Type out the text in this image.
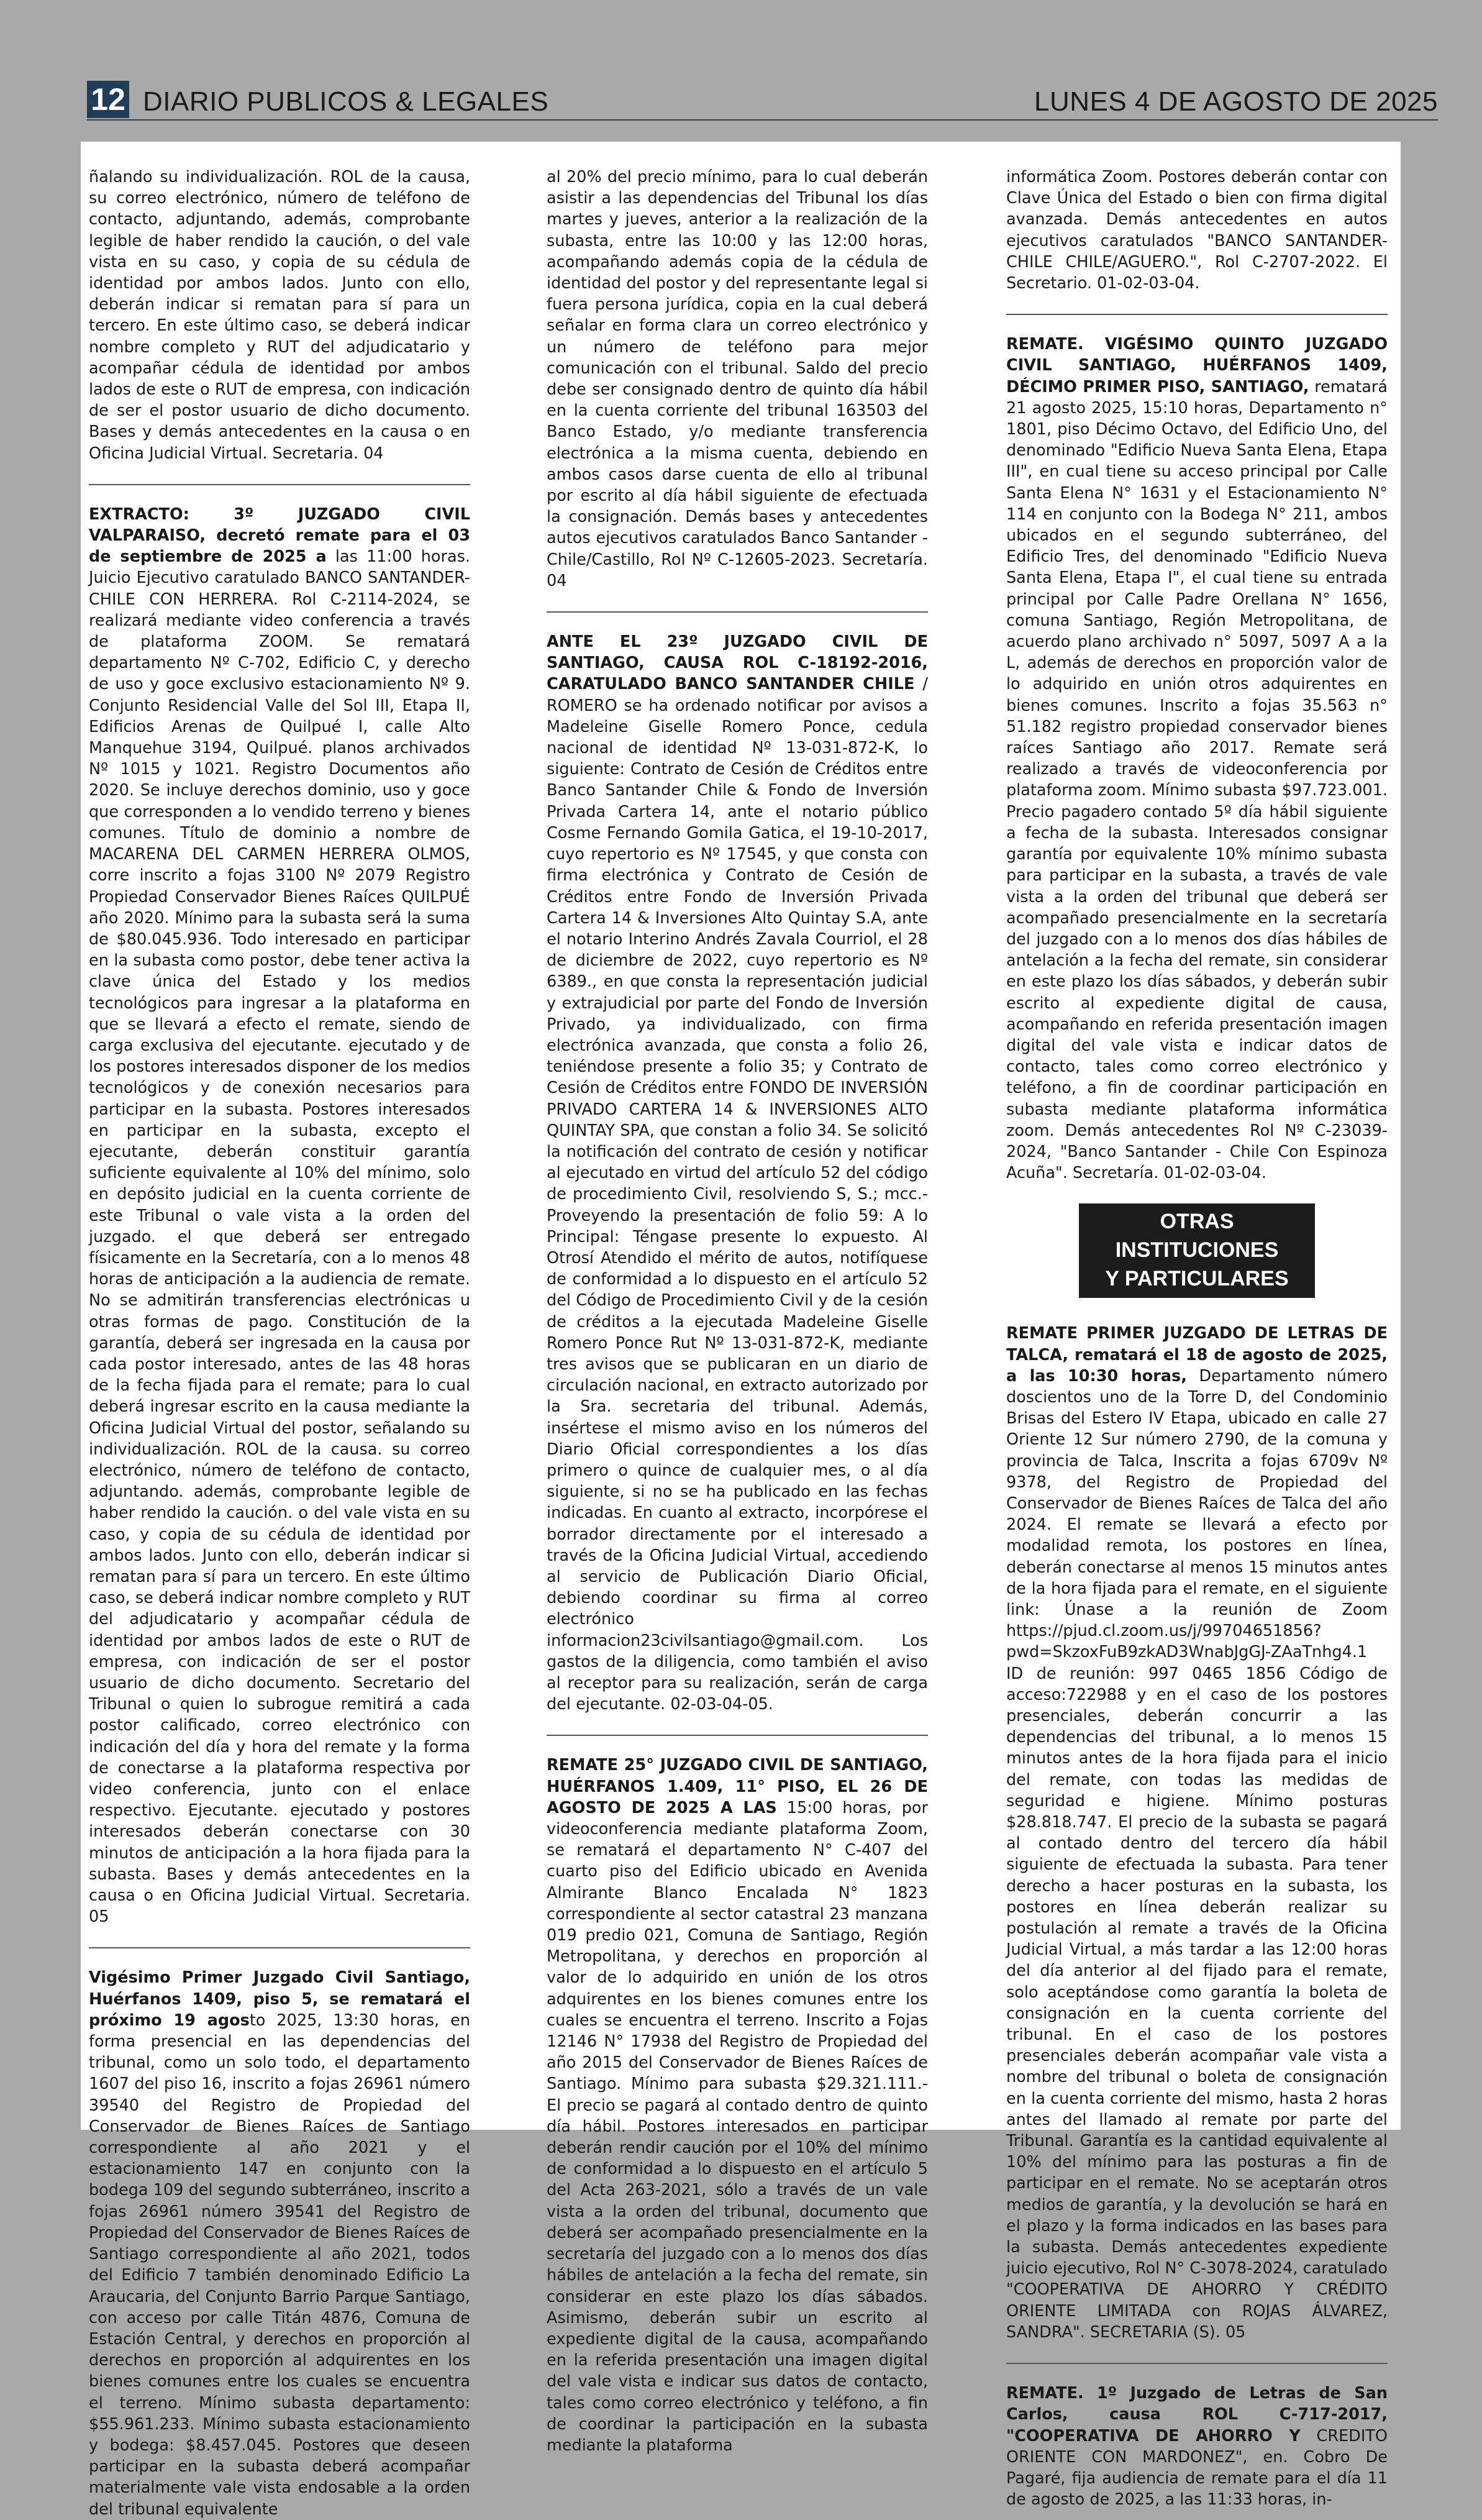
12 DIARIO PUBLICOS & LEGALES	LUNES 4 DE AGOSTO DE 2025

ñalando su individualización. ROL de la causa, su correo electrónico, número de teléfono de contacto, adjuntando, además, comprobante legible de haber rendido la caución, o del vale vista en su caso, y copia de su cédula de identidad por ambos lados. Junto con ello, deberán indicar si rematan para sí para un tercero. En este último caso, se deberá indicar nombre completo y RUT del adjudicatario y acompañar cédula de identidad por ambos lados de este o RUT de empresa, con indicación de ser el postor usuario de dicho documento. Bases y demás antecedentes en la causa o en Oficina Judicial Virtual. Secretaria. 04

EXTRACTO: 3º JUZGADO CIVIL VALPARAISO, decretó remate para el 03 de septiembre de 2025 a las 11:00 horas. Juicio Ejecutivo caratulado BANCO SANTANDER-CHILE CON HERRERA. Rol C-2114-2024, se realizará mediante video conferencia a través de plataforma ZOOM. Se rematará departamento Nº C-702, Edificio C, y derecho de uso y goce exclusivo estacionamiento Nº 9. Conjunto Residencial Valle del Sol III, Etapa II, Edificios Arenas de Quilpué I, calle Alto Manquehue 3194, Quilpué. planos archivados Nº 1015 y 1021. Registro Documentos año 2020. Se incluye derechos dominio, uso y goce que corresponden a lo vendido terreno y bienes comunes. Título de dominio a nombre de MACARENA DEL CARMEN HERRERA OLMOS, corre inscrito a fojas 3100 Nº 2079 Registro Propiedad Conservador Bienes Raíces QUILPUÉ año 2020. Mínimo para la subasta será la suma de $80.045.936. Todo interesado en participar en la subasta como postor, debe tener activa la clave única del Estado y los medios tecnológicos para ingresar a la plataforma en que se llevará a efecto el remate, siendo de carga exclusiva del ejecutante. ejecutado y de los postores interesados disponer de los medios tecnológicos y de conexión necesarios para participar en la subasta. Postores interesados en participar en la subasta, excepto el ejecutante, deberán constituir garantía suficiente equivalente al 10% del mínimo, solo en depósito judicial en la cuenta corriente de este Tribunal o vale vista a la orden del juzgado. el que deberá ser entregado físicamente en la Secretaría, con a lo menos 48 horas de anticipación a la audiencia de remate. No se admitirán transferencias electrónicas u otras formas de pago. Constitución de la garantía, deberá ser ingresada en la causa por cada postor interesado, antes de las 48 horas de la fecha fijada para el remate; para lo cual deberá ingresar escrito en la causa mediante la Oficina Judicial Virtual del postor, señalando su individualización. ROL de la causa. su correo electrónico, número de teléfono de contacto, adjuntando. además, comprobante legible de haber rendido la caución. o del vale vista en su caso, y copia de su cédula de identidad por ambos lados. Junto con ello, deberán indicar si rematan para sí para un tercero. En este último caso, se deberá indicar nombre completo y RUT del adjudicatario y acompañar cédula de identidad por ambos lados de este o RUT de empresa, con indicación de ser el postor usuario de dicho documento. Secretario del Tribunal o quien lo subrogue remitirá a cada postor calificado, correo electrónico con indicación del día y hora del remate y la forma de conectarse a la plataforma respectiva por video conferencia, junto con el enlace respectivo. Ejecutante. ejecutado y postores interesados deberán conectarse con 30 minutos de anticipación a la hora fijada para la subasta. Bases y demás antecedentes en la causa o en Oficina Judicial Virtual. Secretaria. 05

Vigésimo Primer Juzgado Civil Santiago, Huérfanos 1409, piso 5, se rematará el próximo 19 agosto 2025, 13:30 horas, en forma presencial en las dependencias del tribunal, como un solo todo, el departamento 1607 del piso 16, inscrito a fojas 26961 número 39540 del Registro de Propiedad del Conservador de Bienes Raíces de Santiago correspondiente al año 2021 y el estacionamiento 147 en conjunto con la bodega 109 del segundo subterráneo, inscrito a fojas 26961 número 39541 del Registro de Propiedad del Conservador de Bienes Raíces de Santiago correspondiente al año 2021, todos del Edificio 7 también denominado Edificio La Araucaria, del Conjunto Barrio Parque Santiago, con acceso por calle Titán 4876, Comuna de Estación Central, y derechos en proporción al derechos en proporción al adquirentes en los bienes comunes entre los cuales se encuentra el terreno. Mínimo subasta departamento: $55.961.233. Mínimo subasta estacionamiento y bodega: $8.457.045. Postores que deseen participar en la subasta deberá acompañar materialmente vale vista endosable a la orden del tribunal equivalente

al 20% del precio mínimo, para lo cual deberán asistir a las dependencias del Tribunal los días martes y jueves, anterior a la realización de la subasta, entre las 10:00 y las 12:00 horas, acompañando además copia de la cédula de identidad del postor y del representante legal si fuera persona jurídica, copia en la cual deberá señalar en forma clara un correo electrónico y un número de teléfono para mejor comunicación con el tribunal. Saldo del precio debe ser consignado dentro de quinto día hábil en la cuenta corriente del tribunal 163503 del Banco Estado, y/o mediante transferencia electrónica a la misma cuenta, debiendo en ambos casos darse cuenta de ello al tribunal por escrito al día hábil siguiente de efectuada la consignación. Demás bases y antecedentes autos ejecutivos caratulados Banco Santander -Chile/Castillo, Rol Nº C-12605-2023. Secretaría. 04

ANTE EL 23º JUZGADO CIVIL DE SANTIAGO, CAUSA ROL C-18192-2016, CARATULADO BANCO SANTANDER CHILE / ROMERO se ha ordenado notificar por avisos a Madeleine Giselle Romero Ponce, cedula nacional de identidad Nº 13-031-872-K, lo siguiente: Contrato de Cesión de Créditos entre Banco Santander Chile & Fondo de Inversión Privada Cartera 14, ante el notario público Cosme Fernando Gomila Gatica, el 19-10-2017, cuyo repertorio es Nº 17545, y que consta con firma electrónica y Contrato de Cesión de Créditos entre Fondo de Inversión Privada Cartera 14 & Inversiones Alto Quintay S.A, ante el notario Interino Andrés Zavala Courriol, el 28 de diciembre de 2022, cuyo repertorio es Nº 6389., en que consta la representación judicial y extrajudicial por parte del Fondo de Inversión Privado, ya individualizado, con firma electrónica avanzada, que consta a folio 26, teniéndose presente a folio 35; y Contrato de Cesión de Créditos entre FONDO DE INVERSIÓN PRIVADO CARTERA 14 & INVERSIONES ALTO QUINTAY SPA, que constan a folio 34. Se solicitó la notificación del contrato de cesión y notificar al ejecutado en virtud del artículo 52 del código de procedimiento Civil, resolviendo S, S.; mcc.- Proveyendo la presentación de folio 59: A lo Principal: Téngase presente lo expuesto. Al Otrosí Atendido el mérito de autos, notifíquese de conformidad a lo dispuesto en el artículo 52 del Código de Procedimiento Civil y de la cesión de créditos a la ejecutada Madeleine Giselle Romero Ponce Rut Nº 13-031-872-K, mediante tres avisos que se publicaran en un diario de circulación nacional, en extracto autorizado por la Sra. secretaria del tribunal. Además, insértese el mismo aviso en los números del Diario Oficial correspondientes a los días primero o quince de cualquier mes, o al día siguiente, si no se ha publicado en las fechas indicadas. En cuanto al extracto, incorpórese el borrador directamente por el interesado a través de la Oficina Judicial Virtual, accediendo al servicio de Publicación Diario Oficial, debiendo coordinar su firma al correo electrónico informacion23civilsantiago@gmail.com. Los gastos de la diligencia, como también el aviso al receptor para su realización, serán de carga del ejecutante. 02-03-04-05.

REMATE 25° JUZGADO CIVIL DE SANTIAGO, HUÉRFANOS 1.409, 11° PISO, EL 26 DE AGOSTO DE 2025 A LAS 15:00 horas, por videoconferencia mediante plataforma Zoom, se rematará el departamento N° C-407 del cuarto piso del Edificio ubicado en Avenida Almirante Blanco Encalada N° 1823 correspondiente al sector catastral 23 manzana 019 predio 021, Comuna de Santiago, Región Metropolitana, y derechos en proporción al valor de lo adquirido en unión de los otros adquirentes en los bienes comunes entre los cuales se encuentra el terreno. Inscrito a Fojas 12146 N° 17938 del Registro de Propiedad del año 2015 del Conservador de Bienes Raíces de Santiago. Mínimo para subasta $29.321.111.- El precio se pagará al contado dentro de quinto día hábil. Postores interesados en participar deberán rendir caución por el 10% del mínimo de conformidad a lo dispuesto en el artículo 5 del Acta 263-2021, sólo a través de un vale vista a la orden del tribunal, documento que deberá ser acompañado presencialmente en la secretaría del juzgado con a lo menos dos días hábiles de antelación a la fecha del remate, sin considerar en este plazo los días sábados. Asimismo, deberán subir un escrito al expediente digital de la causa, acompañando en la referida presentación una imagen digital del vale vista e indicar sus datos de contacto, tales como correo electrónico y teléfono, a fin de coordinar la participación en la subasta mediante la plataforma

informática Zoom. Postores deberán contar con Clave Única del Estado o bien con firma digital avanzada. Demás antecedentes en autos ejecutivos caratulados "BANCO SANTANDER-CHILE CHILE/AGUERO.", Rol C-2707-2022. El Secretario. 01-02-03-04.

REMATE. VIGÉSIMO QUINTO JUZGADO CIVIL SANTIAGO, HUÉRFANOS 1409, DÉCIMO PRIMER PISO, SANTIAGO, rematará 21 agosto 2025, 15:10 horas, Departamento n° 1801, piso Décimo Octavo, del Edificio Uno, del denominado "Edificio Nueva Santa Elena, Etapa III", en cual tiene su acceso principal por Calle Santa Elena N° 1631 y el Estacionamiento N° 114 en conjunto con la Bodega N° 211, ambos ubicados en el segundo subterráneo, del Edificio Tres, del denominado "Edificio Nueva Santa Elena, Etapa I", el cual tiene su entrada principal por Calle Padre Orellana N° 1656, comuna Santiago, Región Metropolitana, de acuerdo plano archivado n° 5097, 5097 A a la L, además de derechos en proporción valor de lo adquirido en unión otros adquirentes en bienes comunes. Inscrito a fojas 35.563 n° 51.182 registro propiedad conservador bienes raíces Santiago año 2017. Remate será realizado a través de videoconferencia por plataforma zoom. Mínimo subasta $97.723.001. Precio pagadero contado 5º día hábil siguiente a fecha de la subasta. Interesados consignar garantía por equivalente 10% mínimo subasta para participar en la subasta, a través de vale vista a la orden del tribunal que deberá ser acompañado presencialmente en la secretaría del juzgado con a lo menos dos días hábiles de antelación a la fecha del remate, sin considerar en este plazo los días sábados, y deberán subir escrito al expediente digital de causa, acompañando en referida presentación imagen digital del vale vista e indicar datos de contacto, tales como correo electrónico y teléfono, a fin de coordinar participación en subasta mediante plataforma informática zoom. Demás antecedentes Rol Nº C-23039-2024, "Banco Santander - Chile Con Espinoza Acuña". Secretaría. 01-02-03-04.

OTRAS INSTITUCIONES
Y PARTICULARES

REMATE PRIMER JUZGADO DE LETRAS DE TALCA, rematará el 18 de agosto de 2025, a las 10:30 horas, Departamento número doscientos uno de la Torre D, del Condominio Brisas del Estero IV Etapa, ubicado en calle 27 Oriente 12 Sur número 2790, de la comuna y provincia de Talca, Inscrita a fojas 6709v Nº 9378, del Registro de Propiedad del Conservador de Bienes Raíces de Talca del año 2024. El remate se llevará a efecto por modalidad remota, los postores en línea, deberán conectarse al menos 15 minutos antes de la hora fijada para el remate, en el siguiente link: Únase a la reunión de Zoom https://pjud.cl.zoom.us/j/99704651856?pwd=SkzoxFuB9zkAD3WnabJgGJ-ZAaTnhg4.1 ID de reunión: 997 0465 1856 Código de acceso:722988 y en el caso de los postores presenciales, deberán concurrir a las dependencias del tribunal, a lo menos 15 minutos antes de la hora fijada para el inicio del remate, con todas las medidas de seguridad e higiene. Mínimo posturas $28.818.747. El precio de la subasta se pagará al contado dentro del tercero día hábil siguiente de efectuada la subasta. Para tener derecho a hacer posturas en la subasta, los postores en línea deberán realizar su postulación al remate a través de la Oficina Judicial Virtual, a más tardar a las 12:00 horas del día anterior al del fijado para el remate, solo aceptándose como garantía la boleta de consignación en la cuenta corriente del tribunal. En el caso de los postores presenciales deberán acompañar vale vista a nombre del tribunal o boleta de consignación en la cuenta corriente del mismo, hasta 2 horas antes del llamado al remate por parte del Tribunal. Garantía es la cantidad equivalente al 10% del mínimo para las posturas a fin de participar en el remate. No se aceptarán otros medios de garantía, y la devolución se hará en el plazo y la forma indicados en las bases para la subasta. Demás antecedentes expediente juicio ejecutivo, Rol N° C-3078-2024, caratulado "COOPERATIVA DE AHORRO Y CRÉDITO ORIENTE LIMITADA con ROJAS ÁLVAREZ, SANDRA". SECRETARIA (S). 05

REMATE. 1º Juzgado de Letras de San Carlos, causa ROL C-717-2017, "COOPERATIVA DE AHORRO Y CREDITO ORIENTE CON MARDONEZ", en. Cobro De Pagaré, fija audiencia de remate para el día 11 de agosto de 2025, a las 11:33 horas, in-
